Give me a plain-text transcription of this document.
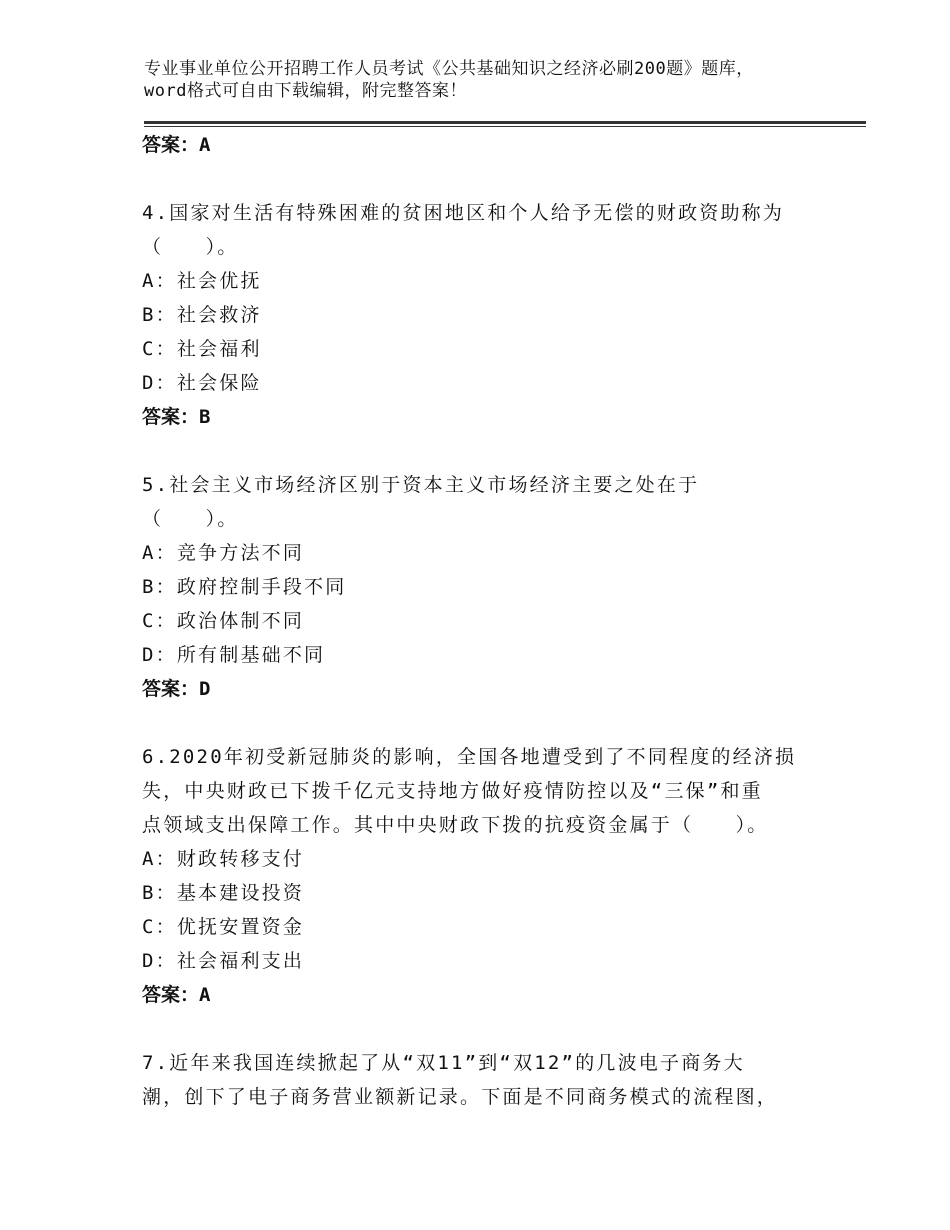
专业事业单位公开招聘工作人员考试《公共基础知识之经济必刷200题》题库，word格式可自由下载编辑，附完整答案！
答案：A
4.国家对生活有特殊困难的贫困地区和个人给予无偿的财政资助称为
（　　）。
A：社会优抚
B：社会救济
C：社会福利
D：社会保险
答案：B
5.社会主义市场经济区别于资本主义市场经济主要之处在于
（　　）。
A：竞争方法不同
B：政府控制手段不同
C：政治体制不同
D：所有制基础不同
答案：D
6.2020年初受新冠肺炎的影响，全国各地遭受到了不同程度的经济损
失，中央财政已下拨千亿元支持地方做好疫情防控以及“三保”和重
点领域支出保障工作。其中中央财政下拨的抗疫资金属于（　　）。
A：财政转移支付
B：基本建设投资
C：优抚安置资金
D：社会福利支出
答案：A
7.近年来我国连续掀起了从“双11”到“双12”的几波电子商务大
潮，创下了电子商务营业额新记录。下面是不同商务模式的流程图，
